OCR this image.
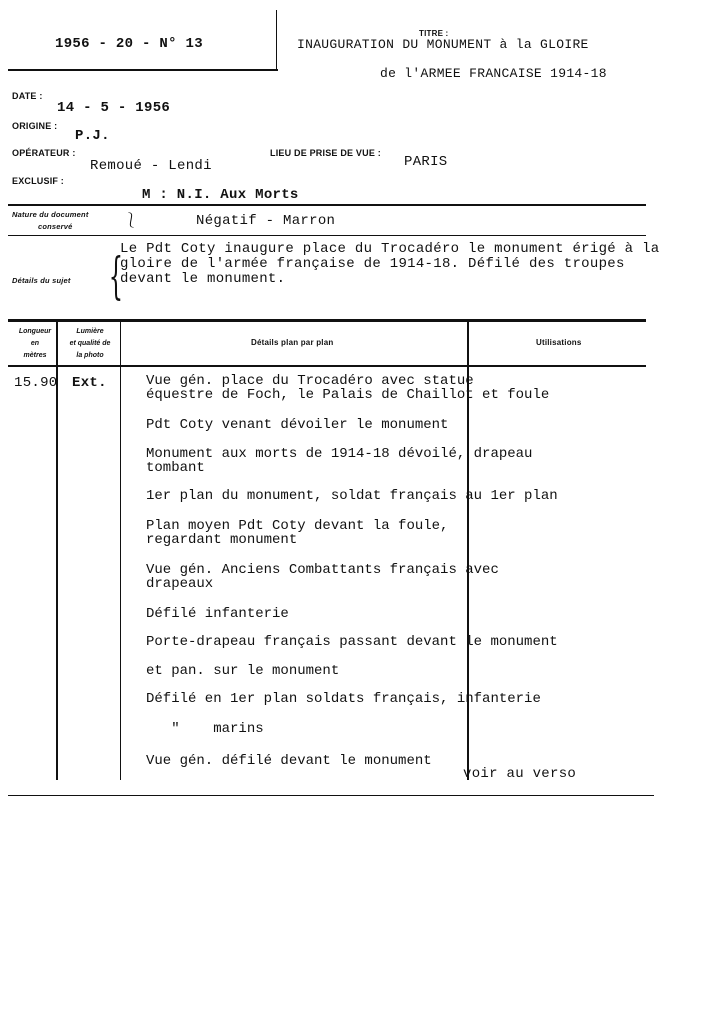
1956 - 20 - N° 13
TITRE :
INAUGURATION DU MONUMENT à la GLOIRE
de l'ARMEE FRANCAISE 1914-18
DATE :
14 - 5 - 1956
ORIGINE :
P.J.
OPÉRATEUR :
Remoué - Lendi
LIEU DE PRISE DE VUE :
PARIS
EXCLUSIF :
M : N.I. Aux Morts
Nature du document
conservé	⎱	Négatif - Marron
Détails du sujet {
Le Pdt Coty inaugure place du Trocadéro le monument érigé à la
gloire de l'armée française de 1914-18. Défilé des troupes
devant le monument.
Longueur
en
mètres
Lumière
et qualité de
la photo
Détails plan par plan	Utilisations
15.90 Ext.	Vue gén. place du Trocadéro avec statue
équestre de Foch, le Palais de Chaillot et foule
Pdt Coty venant dévoiler le monument
Monument aux morts de 1914-18 dévoilé, drapeau
tombant
1er plan du monument, soldat français au 1er plan
Plan moyen Pdt Coty devant la foule,
regardant monument
Vue gén. Anciens Combattants français avec
drapeaux
Défilé infanterie
Porte-drapeau français passant devant le monument
et pan. sur le monument
Défilé en 1er plan soldats français, infanterie
"    marins
Vue gén. défilé devant le monument
voir au verso
